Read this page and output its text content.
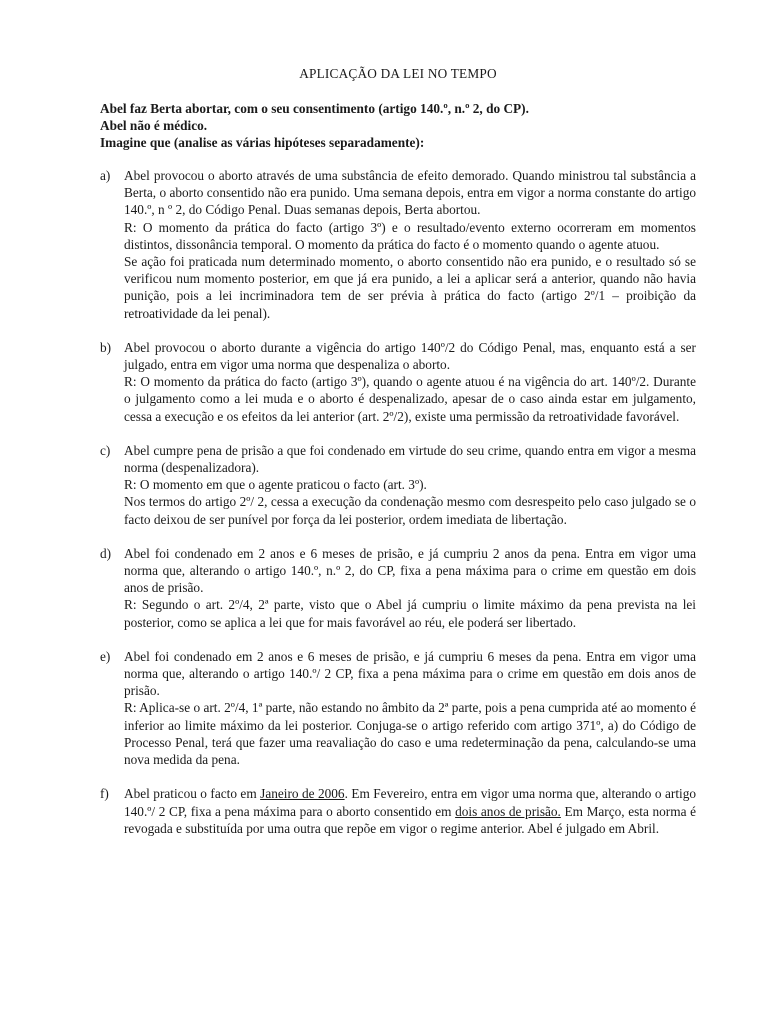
APLICAÇÃO DA LEI NO TEMPO
Abel faz Berta abortar, com o seu consentimento (artigo 140.º, n.º 2, do CP).
Abel não é médico.
Imagine que (analise as várias hipóteses separadamente):
a)	Abel provocou o aborto através de uma substância de efeito demorado. Quando ministrou tal substância a Berta, o aborto consentido não era punido. Uma semana depois, entra em vigor a norma constante do artigo 140.º, n º 2, do Código Penal. Duas semanas depois, Berta abortou.

R: O momento da prática do facto (artigo 3º) e o resultado/evento externo ocorreram em momentos distintos, dissonância temporal. O momento da prática do facto é o momento quando o agente atuou.

Se ação foi praticada num determinado momento, o aborto consentido não era punido, e o resultado só se verificou num momento posterior, em que já era punido, a lei a aplicar será a anterior, quando não havia punição, pois a lei incriminadora tem de ser prévia à prática do facto (artigo 2º/1 – proibição da retroatividade da lei penal).

b) Abel provocou o aborto durante a vigência do artigo 140º/2 do Código Penal, mas, enquanto está a ser julgado, entra em vigor uma norma que despenaliza o aborto.

R: O momento da prática do facto (artigo 3º), quando o agente atuou é na vigência do art. 140º/2. Durante o julgamento como a lei muda e o aborto é despenalizado, apesar de o caso ainda estar em julgamento, cessa a execução e os efeitos da lei anterior (art. 2º/2), existe uma permissão da retroatividade favorável.

c)	Abel cumpre pena de prisão a que foi condenado em virtude do seu crime, quando entra em vigor a mesma norma (despenalizadora).

R: O momento em que o agente praticou o facto (art. 3º).

Nos termos do artigo 2º/ 2, cessa a execução da condenação mesmo com desrespeito pelo caso julgado se o facto deixou de ser punível por força da lei posterior, ordem imediata de libertação.

d) Abel foi condenado em 2 anos e 6 meses de prisão, e já cumpriu 2 anos da pena. Entra em vigor uma norma que, alterando o artigo 140.º, n.º 2, do CP, fixa a pena máxima para o crime em questão em dois anos de prisão.

R: Segundo o art. 2º/4, 2ª parte, visto que o Abel já cumpriu o limite máximo da pena prevista na lei posterior, como se aplica a lei que for mais favorável ao réu, ele poderá ser libertado.

e)	Abel foi condenado em 2 anos e 6 meses de prisão, e já cumpriu 6 meses da pena. Entra em vigor uma norma que, alterando o artigo 140.º/ 2 CP, fixa a pena máxima para o crime em questão em dois anos de prisão.

R: Aplica-se o art. 2º/4, 1ª parte, não estando no âmbito da 2ª parte, pois a pena cumprida até ao momento é inferior ao limite máximo da lei posterior. Conjuga-se o artigo referido com artigo 371º, a) do Código de Processo Penal, terá que fazer uma reavaliação do caso e uma redeterminação da pena, calculando-se uma nova medida da pena.

f)	Abel praticou o facto em Janeiro de 2006. Em Fevereiro, entra em vigor uma norma que, alterando o artigo 140.º/ 2 CP, fixa a pena máxima para o aborto consentido em dois anos de prisão. Em Março, esta norma é revogada e substituída por uma outra que repõe em vigor o regime anterior. Abel é julgado em Abril.
